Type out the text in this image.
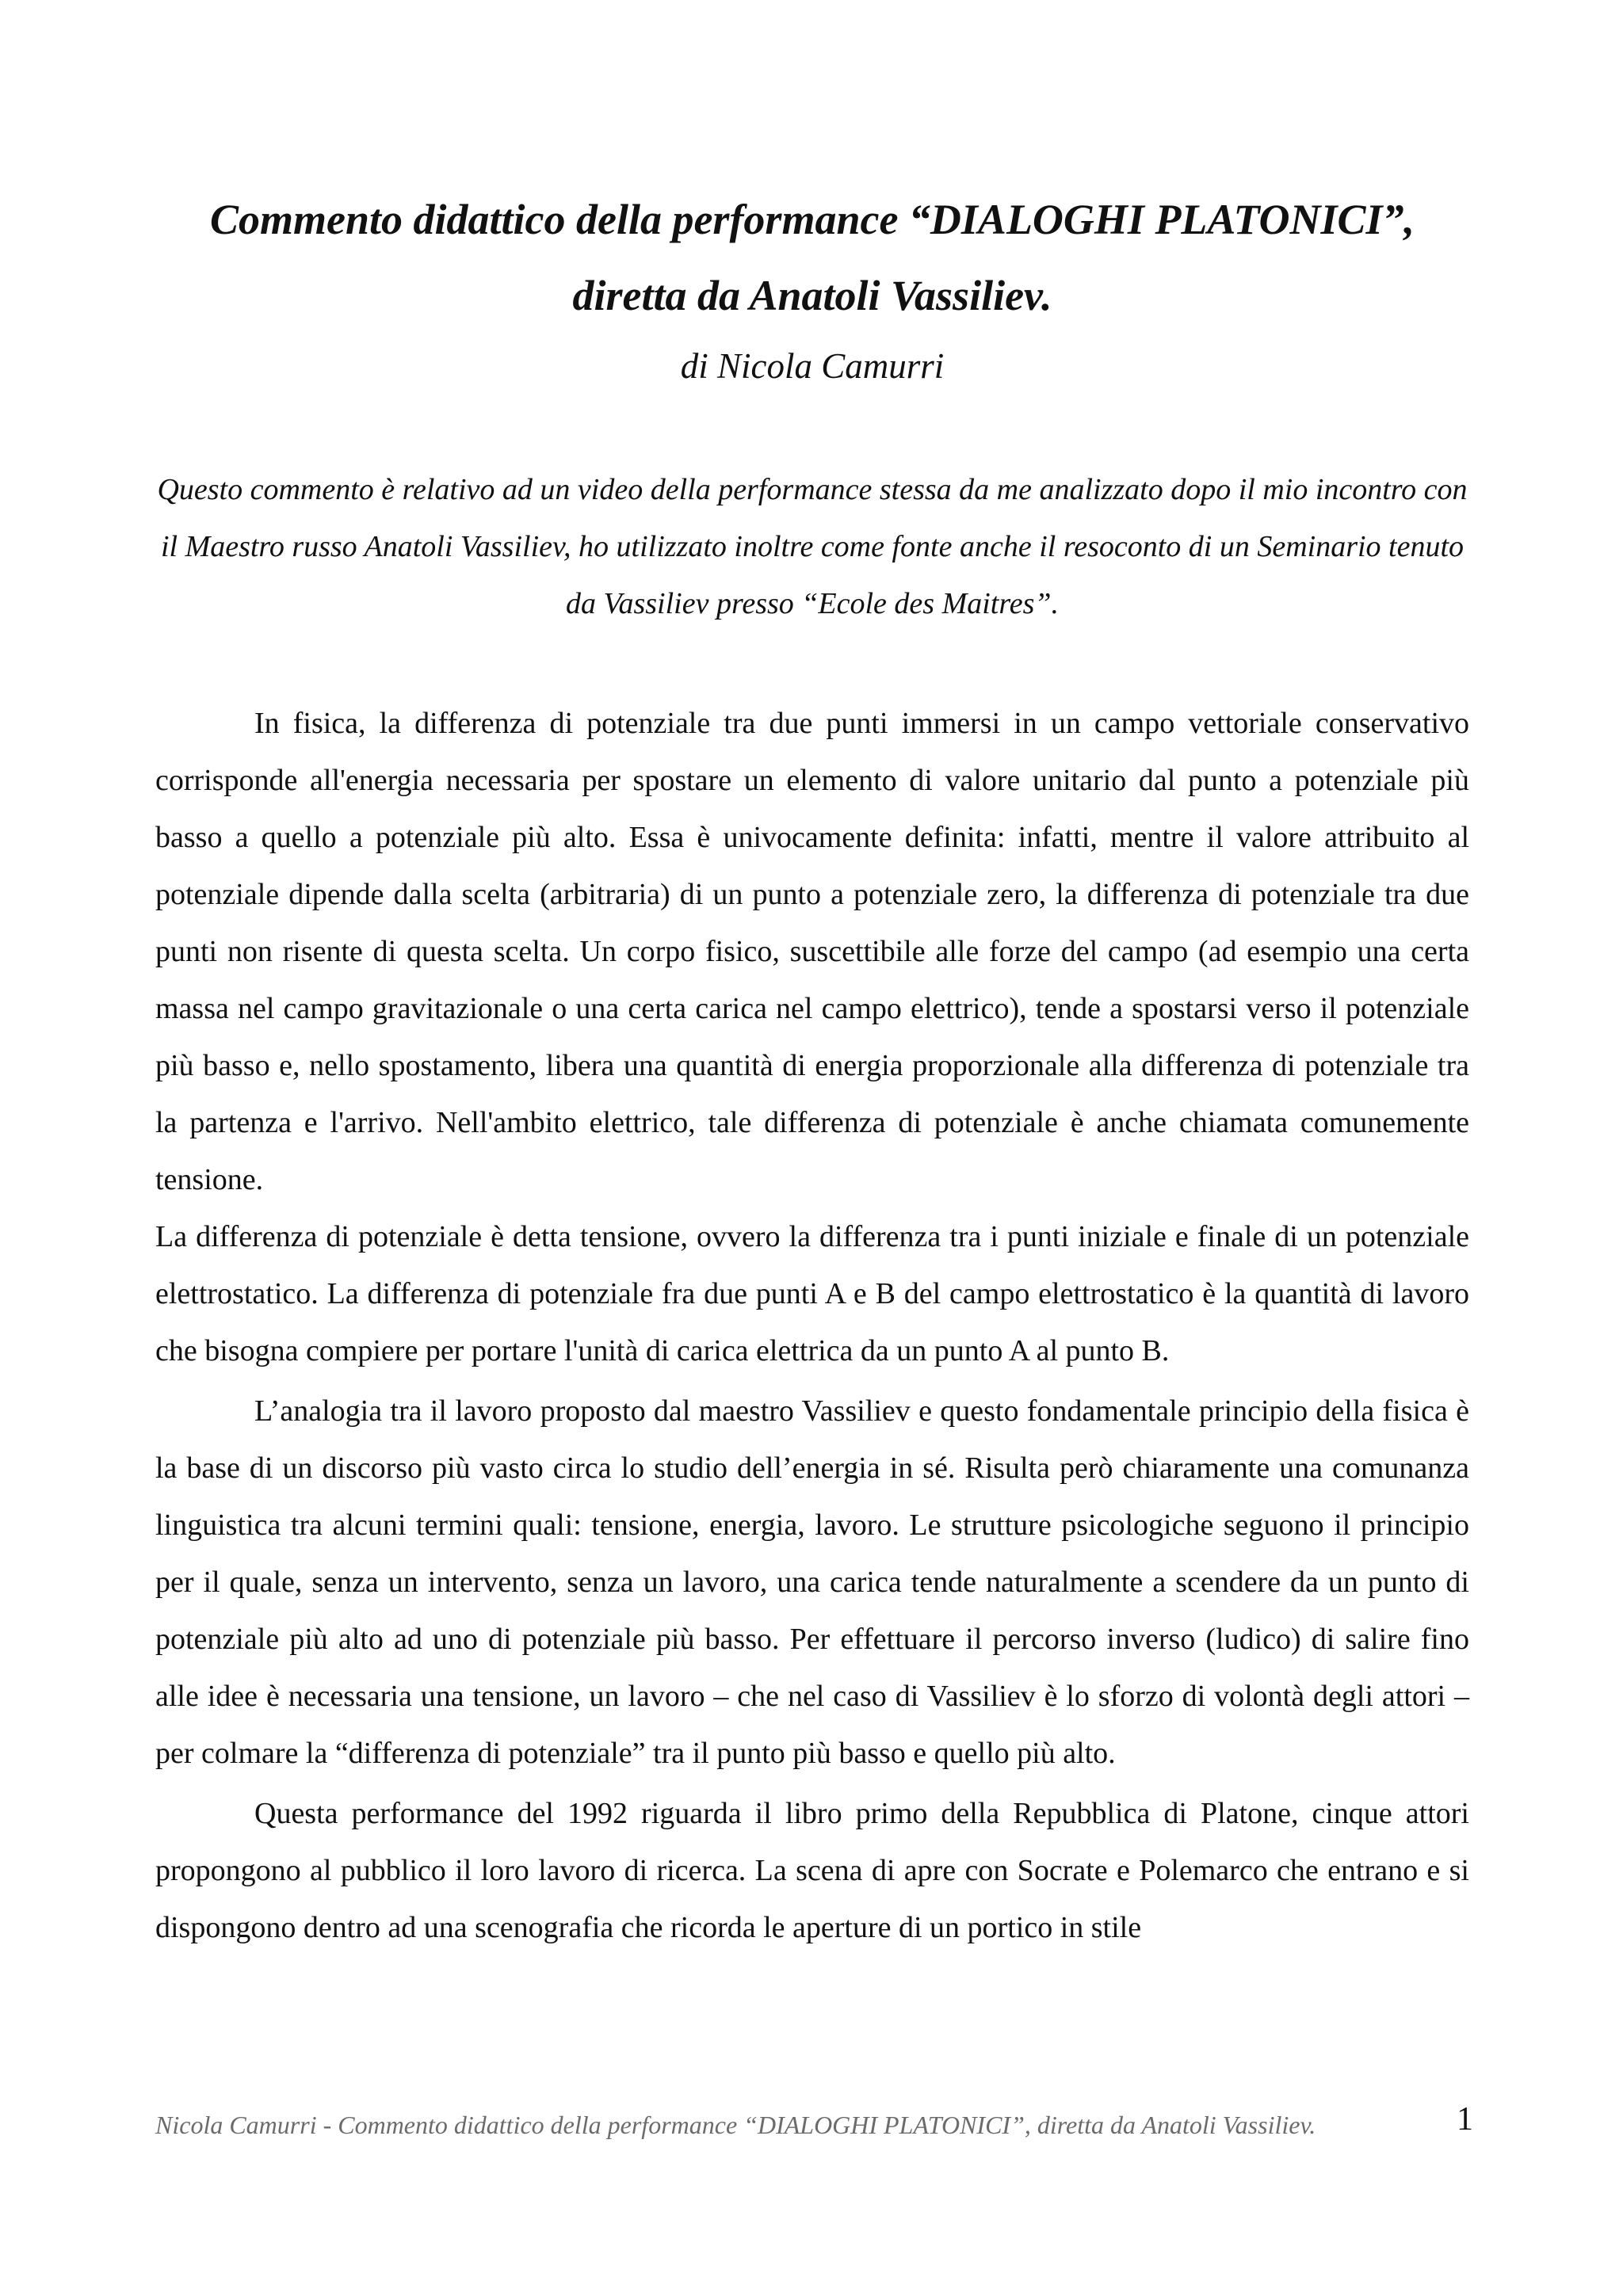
Commento didattico della performance “DIALOGHI PLATONICI”,
diretta da Anatoli Vassiliev.
di Nicola Camurri

Questo commento è relativo ad un video della performance stessa da me analizzato dopo il mio incontro con il Maestro russo Anatoli Vassiliev, ho utilizzato inoltre come fonte anche il resoconto di un Seminario tenuto da Vassiliev presso “Ecole des Maitres”.

In fisica, la differenza di potenziale tra due punti immersi in un campo vettoriale conservativo corrisponde all'energia necessaria per spostare un elemento di valore unitario dal punto a potenziale più basso a quello a potenziale più alto. Essa è univocamente definita: infatti, mentre il valore attribuito al potenziale dipende dalla scelta (arbitraria) di un punto a potenziale zero, la differenza di potenziale tra due punti non risente di questa scelta. Un corpo fisico, suscettibile alle forze del campo (ad esempio una certa massa nel campo gravitazionale o una certa carica nel campo elettrico), tende a spostarsi verso il potenziale più basso e, nello spostamento, libera una quantità di energia proporzionale alla differenza di potenziale tra la partenza e l'arrivo. Nell'ambito elettrico, tale differenza di potenziale è anche chiamata comunemente tensione.

La differenza di potenziale è detta tensione, ovvero la differenza tra i punti iniziale e finale di un potenziale elettrostatico. La differenza di potenziale fra due punti A e B del campo elettrostatico è la quantità di lavoro che bisogna compiere per portare l'unità di carica elettrica da un punto A al punto B.

L’analogia tra il lavoro proposto dal maestro Vassiliev e questo fondamentale principio della fisica è la base di un discorso più vasto circa lo studio dell’energia in sé. Risulta però chiaramente una comunanza linguistica tra alcuni termini quali: tensione, energia, lavoro. Le strutture psicologiche seguono il principio per il quale, senza un intervento, senza un lavoro, una carica tende naturalmente a scendere da un punto di potenziale più alto ad uno di potenziale più basso. Per effettuare il percorso inverso (ludico) di salire fino alle idee è necessaria una tensione, un lavoro – che nel caso di Vassiliev è lo sforzo di volontà degli attori – per colmare la “differenza di potenziale” tra il punto più basso e quello più alto.

Questa performance del 1992 riguarda il libro primo della Repubblica di Platone, cinque attori propongono al pubblico il loro lavoro di ricerca. La scena di apre con Socrate e Polemarco che entrano e si dispongono dentro ad una scenografia che ricorda le aperture di un portico in stile

Nicola Camurri - Commento didattico della performance “DIALOGHI PLATONICI”, diretta da Anatoli Vassiliev.	1
